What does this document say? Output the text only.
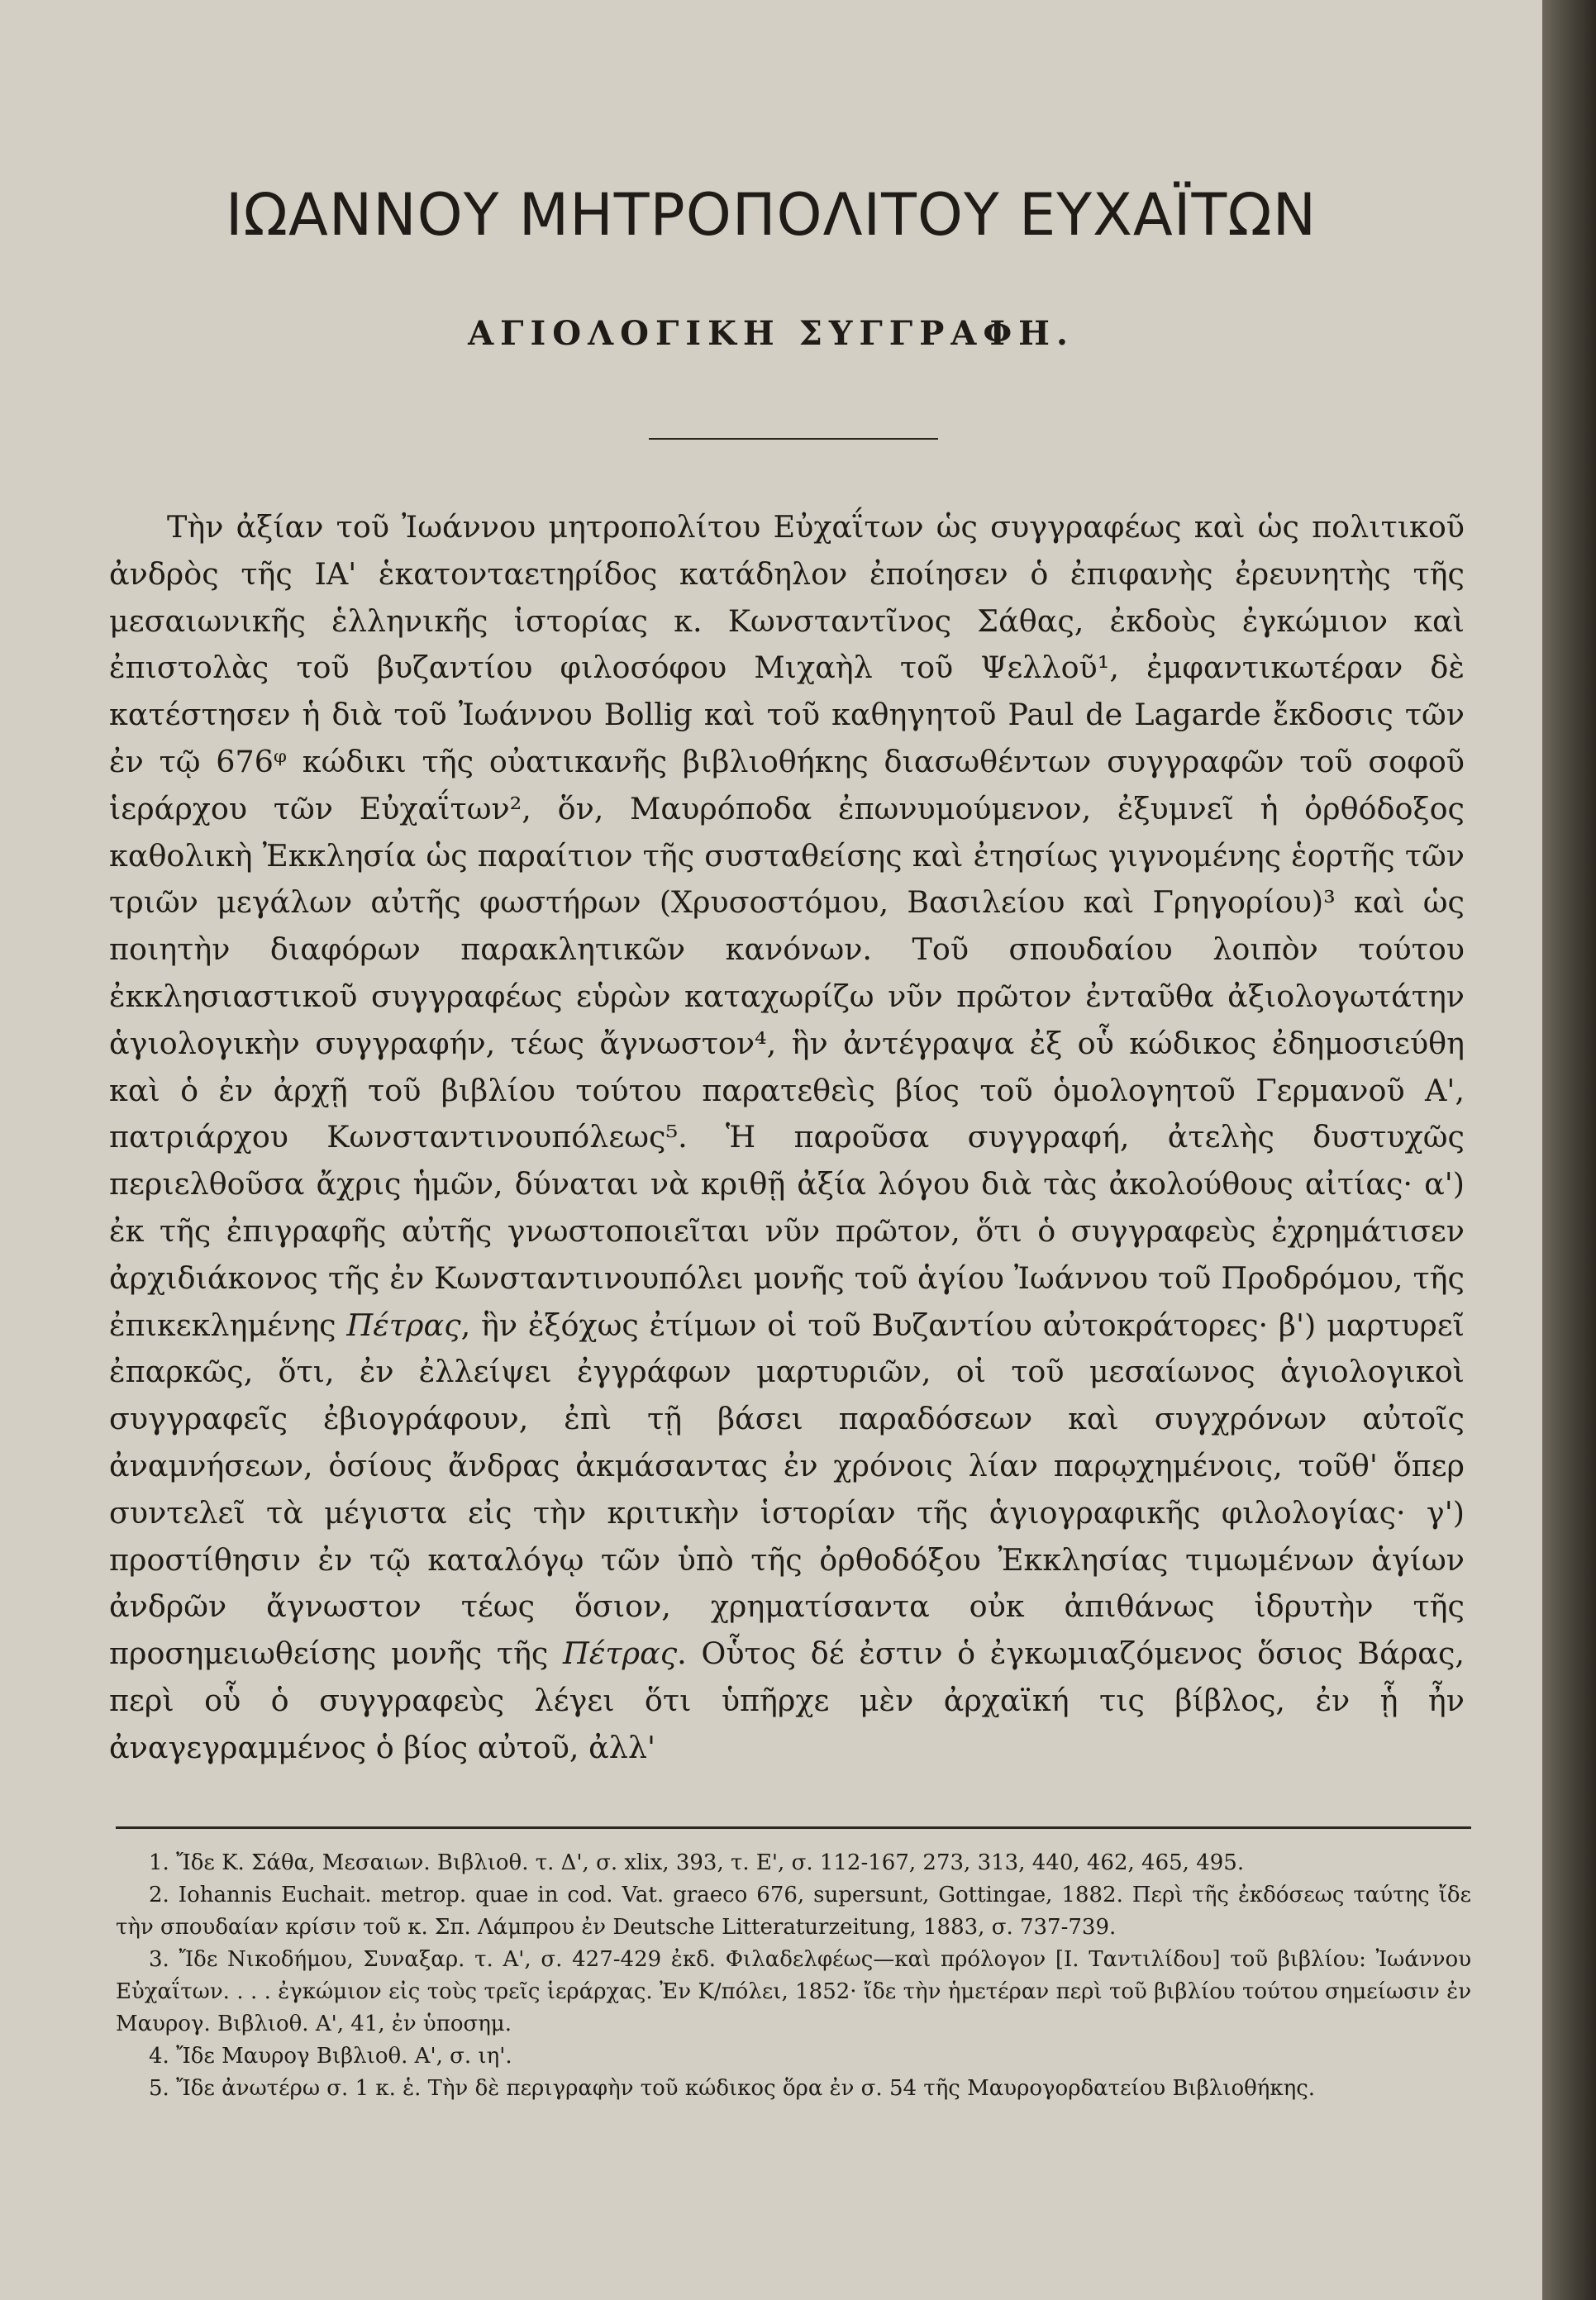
ΙΩΑΝΝΟΥ ΜΗΤΡΟΠΟΛΙΤΟΥ ΕΥΧΑΪΤΩΝ
ΑΓΙΟΛΟΓΙΚΗ ΣΥΓΓΡΑΦΗ.

Τὴν ἀξίαν τοῦ Ἰωάννου μητροπολίτου Εὐχαΐτων ὡς συγγραφέως καὶ ὡς πολιτικοῦ ἀνδρὸς τῆς ΙΑ' ἑκατονταετηρίδος κατάδηλον ἐποίησεν ὁ ἐπιφανὴς ἐρευνητὴς τῆς μεσαιωνικῆς ἑλληνικῆς ἱστορίας κ. Κωνσταντῖνος Σάθας, ἐκδοὺς ἐγκώμιον καὶ ἐπιστολὰς τοῦ βυζαντίου φιλοσόφου Μιχαὴλ τοῦ Ψελλοῦ¹, ἐμφαντικωτέραν δὲ κατέστησεν ἡ διὰ τοῦ Ἰωάννου Bollig καὶ τοῦ καθηγητοῦ Paul de Lagarde ἔκδοσις τῶν ἐν τῷ 676ᵠ κώδικι τῆς οὐατικανῆς βιβλιοθήκης διασωθέντων συγγραφῶν τοῦ σοφοῦ ἱεράρχου τῶν Εὐχαΐτων², ὅν, Μαυρόποδα ἐπωνυμούμενον, ἐξυμνεῖ ἡ ὀρθόδοξος καθολικὴ Ἐκκλησία ὡς παραίτιον τῆς συσταθείσης καὶ ἐτησίως γιγνομένης ἑορτῆς τῶν τριῶν μεγάλων αὐτῆς φωστήρων (Χρυσοστόμου, Βασιλείου καὶ Γρηγορίου)³ καὶ ὡς ποιητὴν διαφόρων παρακλητικῶν κανόνων. Τοῦ σπουδαίου λοιπὸν τούτου ἐκκλησιαστικοῦ συγγραφέως εὑρὼν καταχωρίζω νῦν πρῶτον ἐνταῦθα ἀξιολογωτάτην ἁγιολογικὴν συγγραφήν, τέως ἄγνωστον⁴, ἣν ἀντέγραψα ἐξ οὗ κώδικος ἐδημοσιεύθη καὶ ὁ ἐν ἀρχῇ τοῦ βιβλίου τούτου παρατεθεὶς βίος τοῦ ὁμολογητοῦ Γερμανοῦ Α', πατριάρχου Κωνσταντινουπόλεως⁵. Ἡ παροῦσα συγγραφή, ἀτελὴς δυστυχῶς περιελθοῦσα ἄχρις ἡμῶν, δύναται νὰ κριθῇ ἀξία λόγου διὰ τὰς ἀκολούθους αἰτίας· α') ἐκ τῆς ἐπιγραφῆς αὐτῆς γνωστοποιεῖται νῦν πρῶτον, ὅτι ὁ συγγραφεὺς ἐχρημάτισεν ἀρχιδιάκονος τῆς ἐν Κωνσταντινουπόλει μονῆς τοῦ ἁγίου Ἰωάννου τοῦ Προδρόμου, τῆς ἐπικεκλημένης Πέτρας, ἣν ἐξόχως ἐτίμων οἱ τοῦ Βυζαντίου αὐτοκράτορες· β') μαρτυρεῖ ἐπαρκῶς, ὅτι, ἐν ἐλλείψει ἐγγράφων μαρτυριῶν, οἱ τοῦ μεσαίωνος ἁγιολογικοὶ συγγραφεῖς ἐβιογράφουν, ἐπὶ τῇ βάσει παραδόσεων καὶ συγχρόνων αὐτοῖς ἀναμνήσεων, ὁσίους ἄνδρας ἀκμάσαντας ἐν χρόνοις λίαν παρῳχημένοις, τοῦθ' ὅπερ συντελεῖ τὰ μέγιστα εἰς τὴν κριτικὴν ἱστορίαν τῆς ἁγιογραφικῆς φιλολογίας· γ') προστίθησιν ἐν τῷ καταλόγῳ τῶν ὑπὸ τῆς ὀρθοδόξου Ἐκκλησίας τιμωμένων ἁγίων ἀνδρῶν ἄγνωστον τέως ὅσιον, χρηματίσαντα οὐκ ἀπιθάνως ἱδρυτὴν τῆς προσημειωθείσης μονῆς τῆς Πέτρας. Οὗτος δέ ἐστιν ὁ ἐγκωμιαζόμενος ὅσιος Βάρας, περὶ οὗ ὁ συγγραφεὺς λέγει ὅτι ὑπῆρχε μὲν ἀρχαϊκή τις βίβλος, ἐν ᾗ ἦν ἀναγεγραμμένος ὁ βίος αὐτοῦ, ἀλλ'

1. Ἴδε Κ. Σάθα, Μεσαιων. Βιβλιοθ. τ. Δ', σ. xlix, 393, τ. Ε', σ. 112-167, 273, 313, 440, 462, 465, 495.

2. Iohannis Euchait. metrop. quae in cod. Vat. graeco 676, supersunt, Gottingae, 1882. Περὶ τῆς ἐκδόσεως ταύτης ἴδε τὴν σπουδαίαν κρίσιν τοῦ κ. Σπ. Λάμπρου ἐν Deutsche Litteraturzeitung, 1883, σ. 737-739.

3. Ἴδε Νικοδήμου, Συναξαρ. τ. Α', σ. 427-429 ἐκδ. Φιλαδελφέως—καὶ πρόλογον [Ι. Ταντιλίδου] τοῦ βιβλίου: Ἰωάννου Εὐχαΐτων. . . . ἐγκώμιον εἰς τοὺς τρεῖς ἱεράρχας. Ἐν Κ/πόλει, 1852· ἴδε τὴν ἡμετέραν περὶ τοῦ βιβλίου τούτου σημείωσιν ἐν Μαυρογ. Βιβλιοθ. Α', 41, ἐν ὑποσημ.

4. Ἴδε Μαυρογ Βιβλιοθ. Α', σ. ιη'.

5. Ἴδε ἀνωτέρω σ. 1 κ. ἑ. Τὴν δὲ περιγραφὴν τοῦ κώδικος ὅρα ἐν σ. 54 τῆς Μαυρογορδατείου Βιβλιοθήκης.
